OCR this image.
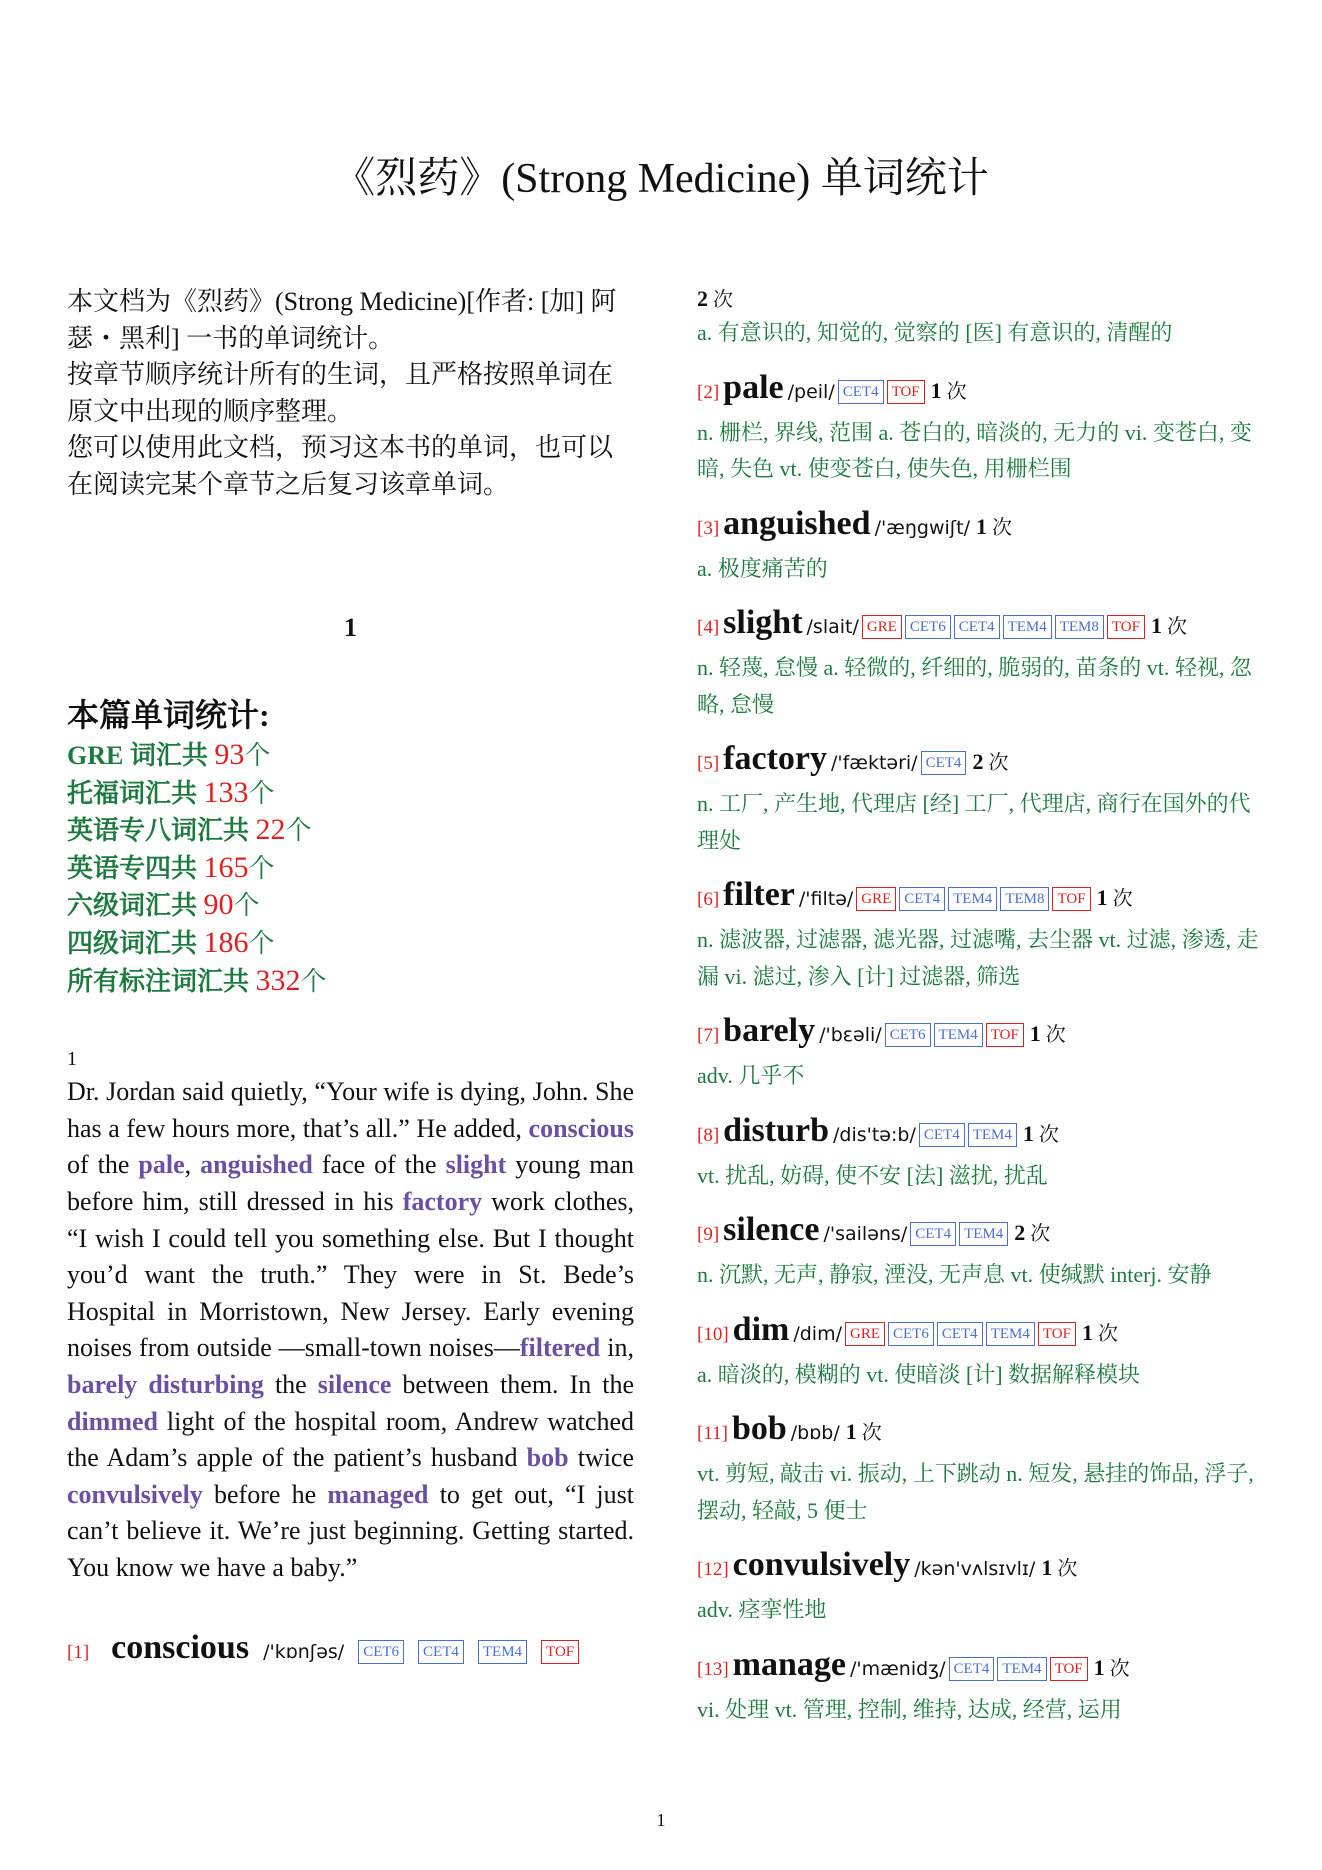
《烈药》(Strong Medicine) 单词统计

本文档为《烈药》(Strong Medicine)[作者: [加] 阿瑟・黑利] 一书的单词统计。

按章节顺序统计所有的生词，且严格按照单词在原文中出现的顺序整理。

您可以使用此文档，预习这本书的单词，也可以在阅读完某个章节之后复习该章单词。

1
本篇单词统计:
GRE 词汇共 93个
托福词汇共 133个
英语专八词汇共 22个
英语专四共 165个
六级词汇共 90个
四级词汇共 186个
所有标注词汇共 332个
1

Dr. Jordan said quietly, “Your wife is dying, John. She has a few hours more, that’s all.” He added, conscious of the pale, anguished face of the slight young man before him, still dressed in his factory work clothes, “I wish I could tell you something else. But I thought you’d want the truth.” They were in St. Bede’s Hospital in Morristown, New Jersey. Early evening noises from outside —small-town noises—filtered in, barely disturbing the silence between them. In the dimmed light of the hospital room, Andrew watched the Adam’s apple of the patient’s husband bob twice convulsively before he managed to get out, “I just can’t believe it. We’re just beginning. Getting started. You know we have a baby.”

[1] conscious /'kɒnʃəs/ CET6 CET4 TEM4 TOF
2 次
a. 有意识的, 知觉的, 觉察的 [医] 有意识的, 清醒的
[2] pale /peil/ CET4 TOF 1 次
n. 栅栏, 界线, 范围 a. 苍白的, 暗淡的, 无力的 vi. 变苍白, 变暗, 失色 vt. 使变苍白, 使失色, 用栅栏围
[3] anguished /'æŋgwiʃt/ 1 次
a. 极度痛苦的
[4] slight /slait/ GRE CET6 CET4 TEM4 TEM8 TOF 1 次
n. 轻蔑, 怠慢 a. 轻微的, 纤细的, 脆弱的, 苗条的 vt. 轻视, 忽略, 怠慢
[5] factory /'fæktəri/ CET4 2 次
n. 工厂, 产生地, 代理店 [经] 工厂, 代理店, 商行在国外的代理处
[6] filter /'filtə/ GRE CET4 TEM4 TEM8 TOF 1 次
n. 滤波器, 过滤器, 滤光器, 过滤嘴, 去尘器 vt. 过滤, 渗透, 走漏 vi. 滤过, 渗入 [计] 过滤器, 筛选
[7] barely /'bεəli/ CET6 TEM4 TOF 1 次
adv. 几乎不
[8] disturb /dis'tə:b/ CET4 TEM4 1 次
vt. 扰乱, 妨碍, 使不安 [法] 滋扰, 扰乱
[9] silence /'sailəns/ CET4 TEM4 2 次
n. 沉默, 无声, 静寂, 湮没, 无声息 vt. 使缄默 interj. 安静
[10] dim /dim/ GRE CET6 CET4 TEM4 TOF 1 次
a. 暗淡的, 模糊的 vt. 使暗淡 [计] 数据解释模块
[11] bob /bɒb/ 1 次
vt. 剪短, 敲击 vi. 振动, 上下跳动 n. 短发, 悬挂的饰品, 浮子, 摆动, 轻敲, 5 便士
[12] convulsively /kən'vʌlsɪvlɪ/ 1 次
adv. 痉挛性地
[13] manage /'mænidʒ/ CET4 TEM4 TOF 1 次
vi. 处理 vt. 管理, 控制, 维持, 达成, 经营, 运用
1
